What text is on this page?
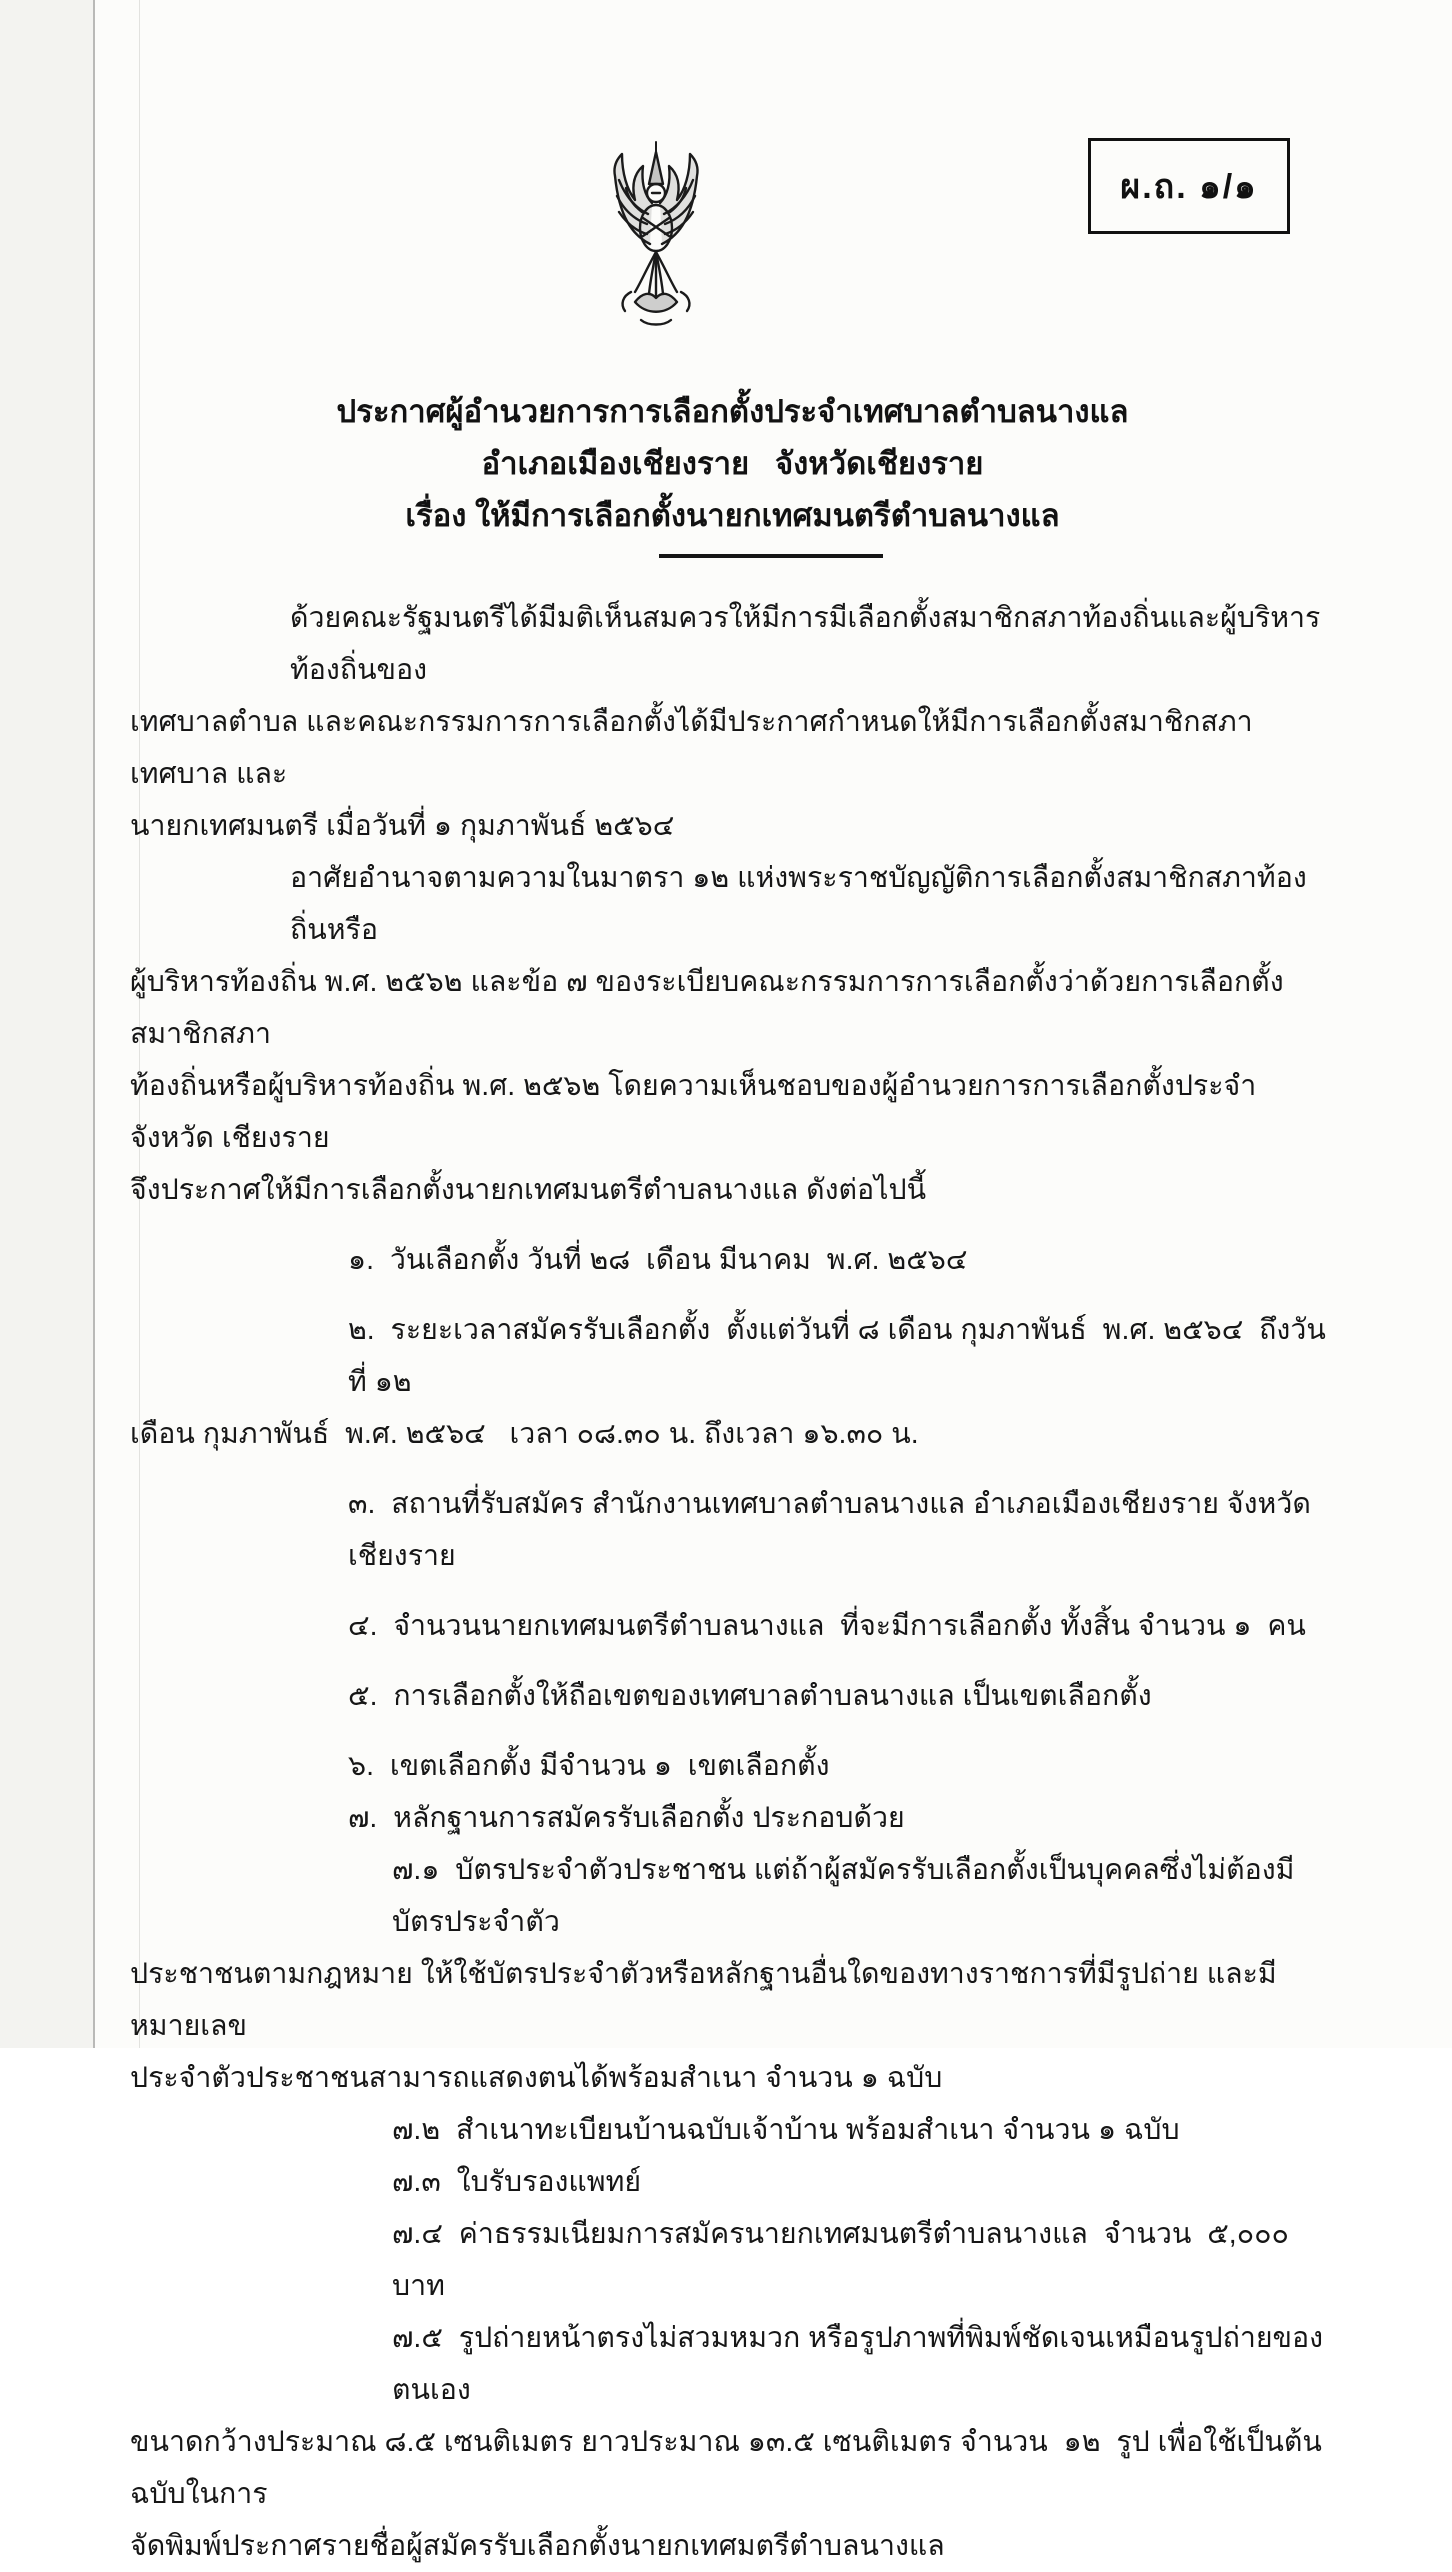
ผ.ถ. ๑/๑
ประกาศผู้อำนวยการการเลือกตั้งประจำเทศบาลตำบลนางแล
อำเภอเมืองเชียงราย   จังหวัดเชียงราย
เรื่อง ให้มีการเลือกตั้งนายกเทศมนตรีตำบลนางแล
ด้วยคณะรัฐมนตรีได้มีมติเห็นสมควรให้มีการมีเลือกตั้งสมาชิกสภาท้องถิ่นและผู้บริหารท้องถิ่นของ
เทศบาลตำบล และคณะกรรมการการเลือกตั้งได้มีประกาศกำหนดให้มีการเลือกตั้งสมาชิกสภาเทศบาล และ
นายกเทศมนตรี เมื่อวันที่ ๑ กุมภาพันธ์ ๒๕๖๔
อาศัยอำนาจตามความในมาตรา ๑๒ แห่งพระราชบัญญัติการเลือกตั้งสมาชิกสภาท้องถิ่นหรือ
ผู้บริหารท้องถิ่น พ.ศ. ๒๕๖๒ และข้อ ๗ ของระเบียบคณะกรรมการการเลือกตั้งว่าด้วยการเลือกตั้งสมาชิกสภา
ท้องถิ่นหรือผู้บริหารท้องถิ่น พ.ศ. ๒๕๖๒ โดยความเห็นชอบของผู้อำนวยการการเลือกตั้งประจำจังหวัด เชียงราย
จึงประกาศให้มีการเลือกตั้งนายกเทศมนตรีตำบลนางแล ดังต่อไปนี้
๑.  วันเลือกตั้ง วันที่ ๒๘  เดือน มีนาคม  พ.ศ. ๒๕๖๔
๒.  ระยะเวลาสมัครรับเลือกตั้ง  ตั้งแต่วันที่ ๘ เดือน กุมภาพันธ์  พ.ศ. ๒๕๖๔  ถึงวันที่ ๑๒
เดือน กุมภาพันธ์  พ.ศ. ๒๕๖๔   เวลา ๐๘.๓๐ น. ถึงเวลา ๑๖.๓๐ น.
๓.  สถานที่รับสมัคร สำนักงานเทศบาลตำบลนางแล อำเภอเมืองเชียงราย จังหวัดเชียงราย
๔.  จำนวนนายกเทศมนตรีตำบลนางแล  ที่จะมีการเลือกตั้ง ทั้งสิ้น จำนวน ๑  คน
๕.  การเลือกตั้งให้ถือเขตของเทศบาลตำบลนางแล เป็นเขตเลือกตั้ง
๖.  เขตเลือกตั้ง มีจำนวน ๑  เขตเลือกตั้ง
๗.  หลักฐานการสมัครรับเลือกตั้ง ประกอบด้วย
๗.๑  บัตรประจำตัวประชาชน แต่ถ้าผู้สมัครรับเลือกตั้งเป็นบุคคลซึ่งไม่ต้องมีบัตรประจำตัว
ประชาชนตามกฎหมาย ให้ใช้บัตรประจำตัวหรือหลักฐานอื่นใดของทางราชการที่มีรูปถ่าย และมีหมายเลข
ประจำตัวประชาชนสามารถแสดงตนได้พร้อมสำเนา จำนวน ๑ ฉบับ
๗.๒  สำเนาทะเบียนบ้านฉบับเจ้าบ้าน พร้อมสำเนา จำนวน ๑ ฉบับ
๗.๓  ใบรับรองแพทย์
๗.๔  ค่าธรรมเนียมการสมัครนายกเทศมนตรีตำบลนางแล  จำนวน  ๕,๐๐๐  บาท
๗.๕  รูปถ่ายหน้าตรงไม่สวมหมวก หรือรูปภาพที่พิมพ์ชัดเจนเหมือนรูปถ่ายของตนเอง
ขนาดกว้างประมาณ ๘.๕ เซนติเมตร ยาวประมาณ ๑๓.๕ เซนติเมตร จำนวน  ๑๒  รูป เพื่อใช้เป็นต้นฉบับในการ
จัดพิมพ์ประกาศรายชื่อผู้สมัครรับเลือกตั้งนายกเทศมตรีตำบลนางแล
